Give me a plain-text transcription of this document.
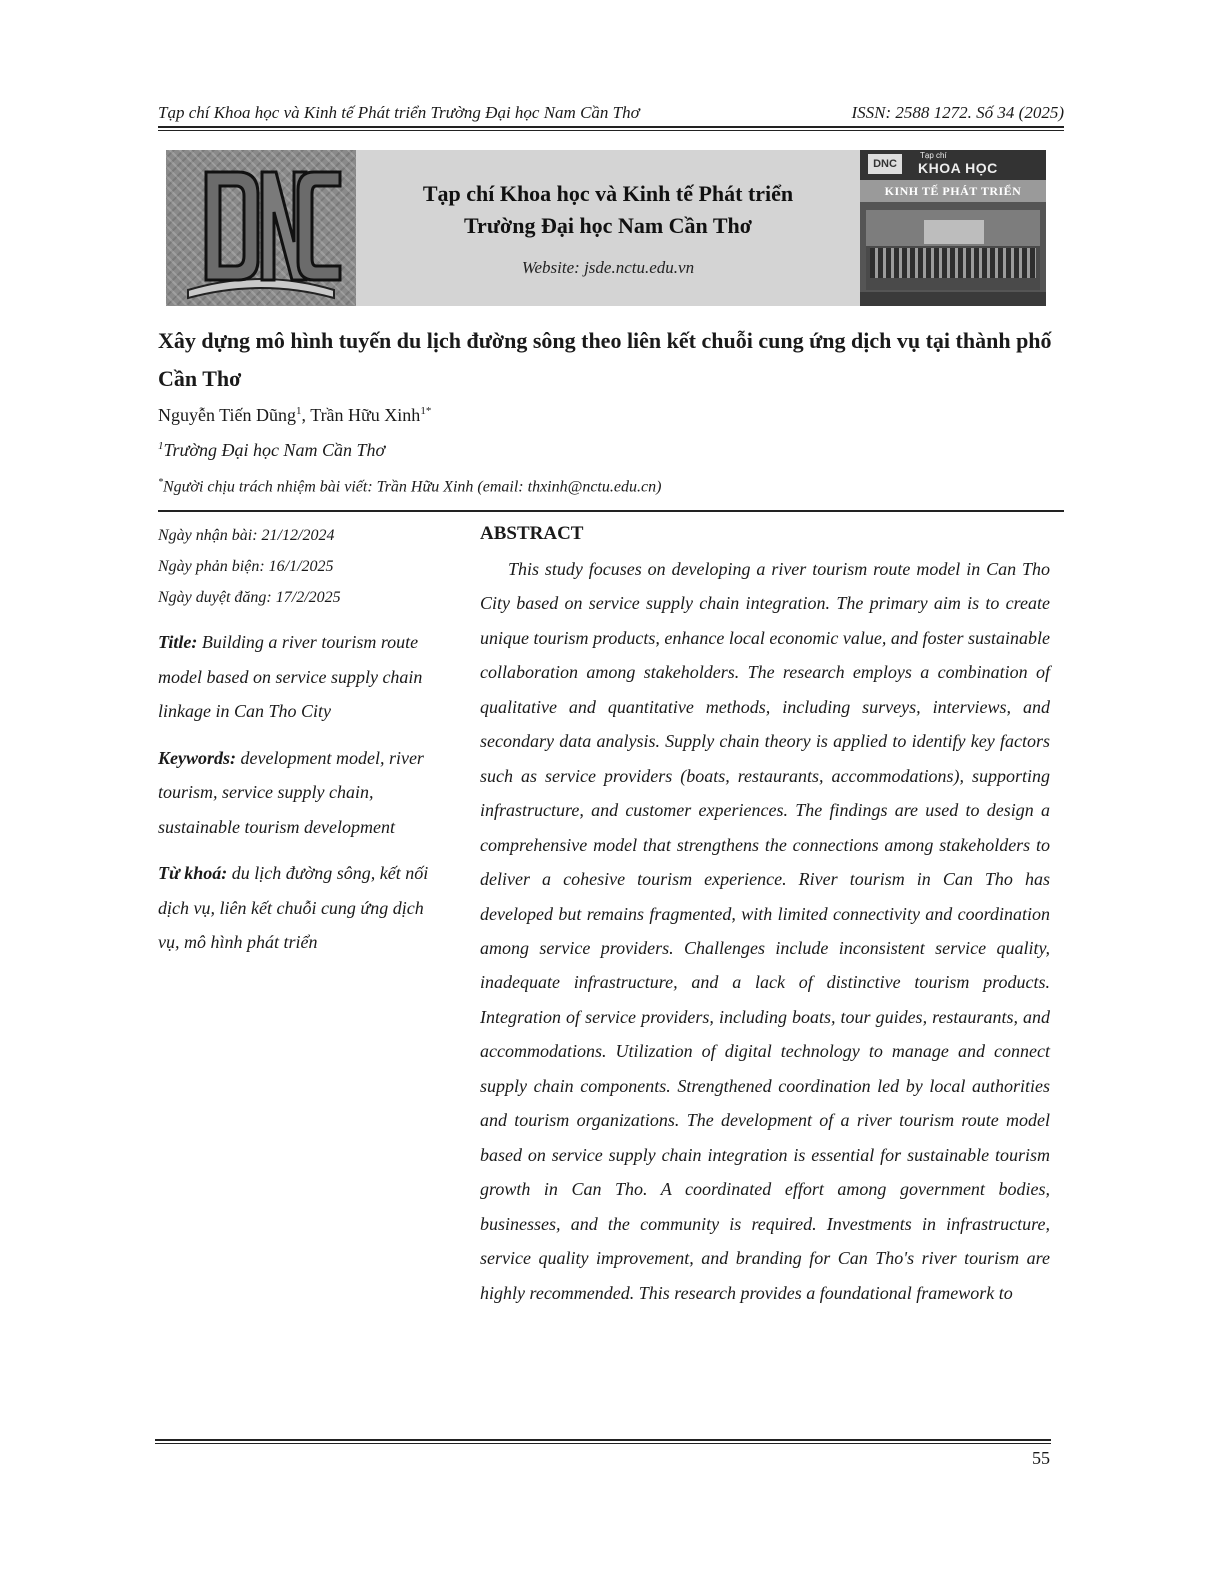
Tạp chí Khoa học và Kinh tế Phát triển Trường Đại học Nam Cần Thơ	ISSN: 2588 1272. Số 34 (2025)
Tạp chí Khoa học và Kinh tế Phát triển
Trường Đại học Nam Cần Thơ
Website: jsde.nctu.edu.vn
DNC
Tạp chí
KHOA HỌC
KINH TẾ PHÁT TRIỂN
Xây dựng mô hình tuyến du lịch đường sông theo liên kết chuỗi cung ứng dịch vụ tại thành phố Cần Thơ
Nguyễn Tiến Dũng$^1$, Trần Hữu Xinh$^{1*}$
$^1$Trường Đại học Nam Cần Thơ
*Người chịu trách nhiệm bài viết: Trần Hữu Xinh (email: thxinh@nctu.edu.cn)
Ngày nhận bài: 21/12/2024
Ngày phản biện: 16/1/2025
Ngày duyệt đăng: 17/2/2025
Title: Building a river tourism route model based on service supply chain linkage in Can Tho City
Keywords: development model, river tourism, service supply chain, sustainable tourism development
Từ khoá: du lịch đường sông, kết nối dịch vụ, liên kết chuỗi cung ứng dịch vụ, mô hình phát triển
ABSTRACT

This study focuses on developing a river tourism route model in Can Tho City based on service supply chain integration. The primary aim is to create unique tourism products, enhance local economic value, and foster sustainable collaboration among stakeholders. The research employs a combination of qualitative and quantitative methods, including surveys, interviews, and secondary data analysis. Supply chain theory is applied to identify key factors such as service providers (boats, restaurants, accommodations), supporting infrastructure, and customer experiences. The findings are used to design a comprehensive model that strengthens the connections among stakeholders to deliver a cohesive tourism experience. River tourism in Can Tho has developed but remains fragmented, with limited connectivity and coordination among service providers. Challenges include inconsistent service quality, inadequate infrastructure, and a lack of distinctive tourism products. Integration of service providers, including boats, tour guides, restaurants, and accommodations. Utilization of digital technology to manage and connect supply chain components. Strengthened coordination led by local authorities and tourism organizations. The development of a river tourism route model based on service supply chain integration is essential for sustainable tourism growth in Can Tho. A coordinated effort among government bodies, businesses, and the community is required. Investments in infrastructure, service quality improvement, and branding for Can Tho's river tourism are highly recommended. This research provides a foundational framework to

55
